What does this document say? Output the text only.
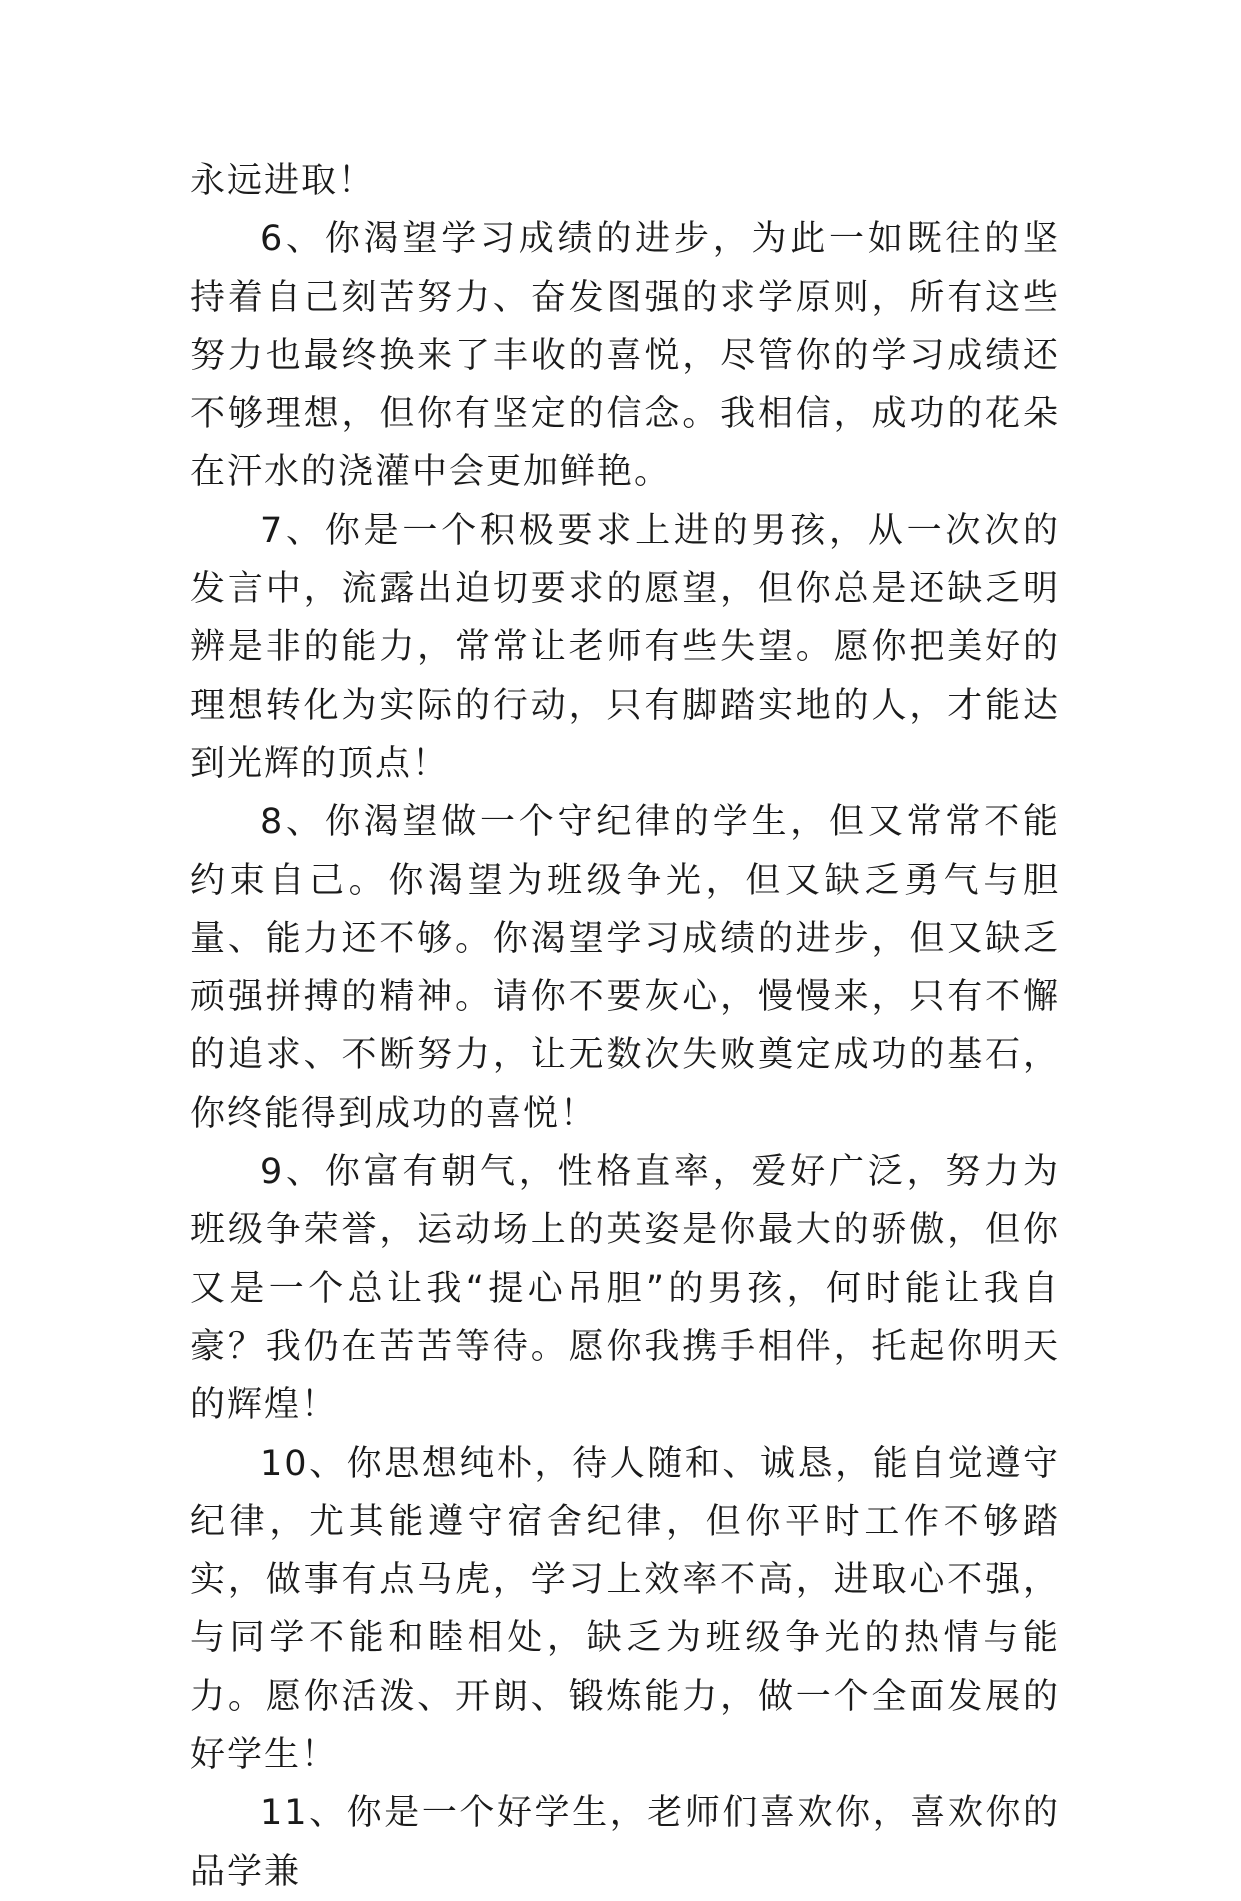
永远进取！

6、你渴望学习成绩的进步，为此一如既往的坚持着自己刻苦努力、奋发图强的求学原则，所有这些努力也最终换来了丰收的喜悦，尽管你的学习成绩还不够理想，但你有坚定的信念。我相信，成功的花朵在汗水的浇灌中会更加鲜艳。

7、你是一个积极要求上进的男孩，从一次次的发言中，流露出迫切要求的愿望，但你总是还缺乏明辨是非的能力，常常让老师有些失望。愿你把美好的理想转化为实际的行动，只有脚踏实地的人，才能达到光辉的顶点！

8、你渴望做一个守纪律的学生，但又常常不能约束自己。你渴望为班级争光，但又缺乏勇气与胆量、能力还不够。你渴望学习成绩的进步，但又缺乏顽强拼搏的精神。请你不要灰心，慢慢来，只有不懈的追求、不断努力，让无数次失败奠定成功的基石，你终能得到成功的喜悦！

9、你富有朝气，性格直率，爱好广泛，努力为班级争荣誉，运动场上的英姿是你最大的骄傲，但你又是一个总让我“提心吊胆”的男孩，何时能让我自豪？我仍在苦苦等待。愿你我携手相伴，托起你明天的辉煌！

10、你思想纯朴，待人随和、诚恳，能自觉遵守纪律，尤其能遵守宿舍纪律，但你平时工作不够踏实，做事有点马虎，学习上效率不高，进取心不强，与同学不能和睦相处，缺乏为班级争光的热情与能力。愿你活泼、开朗、锻炼能力，做一个全面发展的好学生！

11、你是一个好学生，老师们喜欢你，喜欢你的品学兼
